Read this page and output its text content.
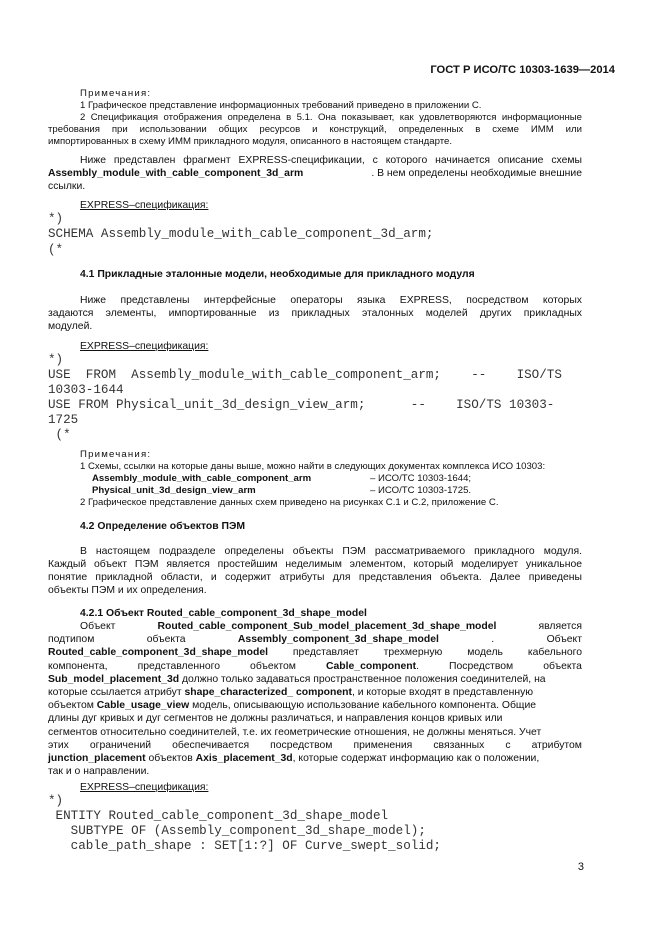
ГОСТ Р ИСО/ТС 10303-1639—2014
Примечания:
1 Графическое представление информационных требований приведено в приложении С.
2 Спецификация отображения определена в 5.1. Она показывает, как удовлетворяются информационные
требования при использовании общих ресурсов и конструкций, определенных в схеме ИММ или
импортированных в схему ИММ прикладного модуля, описанного в настоящем стандарте.
Ниже представлен фрагмент EXPRESS-спецификации, с которого начинается описание схемы
Assembly_module_with_cable_component_3d_arm	. В нем определены необходимые внешние
ссылки.
EXPRESS–спецификация:
*)
SCHEMA Assembly_module_with_cable_component_3d_arm;
(*
4.1 Прикладные эталонные модели, необходимые для прикладного модуля
Ниже представлены интерфейсные операторы языка EXPRESS, посредством которых
задаются элементы, импортированные из прикладных эталонных моделей других прикладных
модулей.
EXPRESS–спецификация:
*)
USE  FROM  Assembly_module_with_cable_component_arm;    --    ISO/TS
10303-1644
USE FROM Physical_unit_3d_design_view_arm;      --    ISO/TS 10303-
1725
(*
Примечания:
1 Схемы, ссылки на которые даны выше, можно найти в следующих документах комплекса ИСО 10303:
Assembly_module_with_cable_component_arm	– ИСО/ТС 10303-1644;
Physical_unit_3d_design_view_arm	– ИСО/ТС 10303-1725.
2 Графическое представление данных схем приведено на рисунках С.1 и С.2, приложение С.
4.2 Определение объектов ПЭМ
В настоящем подразделе определены объекты ПЭМ рассматриваемого прикладного модуля.
Каждый объект ПЭМ является простейшим неделимым элементом, который моделирует уникальное
понятие прикладной области, и содержит атрибуты для представления объекта. Далее приведены
объекты ПЭМ и их определения.
4.2.1 Объект Routed_cable_component_3d_shape_model
Объект	Routed_cable_component_Sub_model_placement_3d_shape_model	является
подтипом	объекта	Assembly_component_3d_shape_model	.	Объект
Routed_cable_component_3d_shape_model представляет трехмерную модель кабельного
компонента,	представленного	объектом	Cable_component.	Посредством	объекта
Sub_model_placement_3d должно только задаваться пространственное положения соединителей, на
которые ссылается атрибут shape_characterized_ component, и которые входят в представленную
объектом Cable_usage_view модель, описывающую использование кабельного компонента. Общие
длины дуг кривых и дуг сегментов не должны различаться, и направления концов кривых или
сегментов относительно соединителей, т.е. их геометрические отношения, не должны меняться. Учет
этих ограничений обеспечивается посредством применения связанных с атрибутом
junction_placement объектов Axis_placement_3d, которые содержат информацию как о положении,
так и о направлении.
EXPRESS–спецификация:
*)
ENTITY Routed_cable_component_3d_shape_model
SUBTYPE OF (Assembly_component_3d_shape_model);
cable_path_shape : SET[1:?] OF Curve_swept_solid;
3
